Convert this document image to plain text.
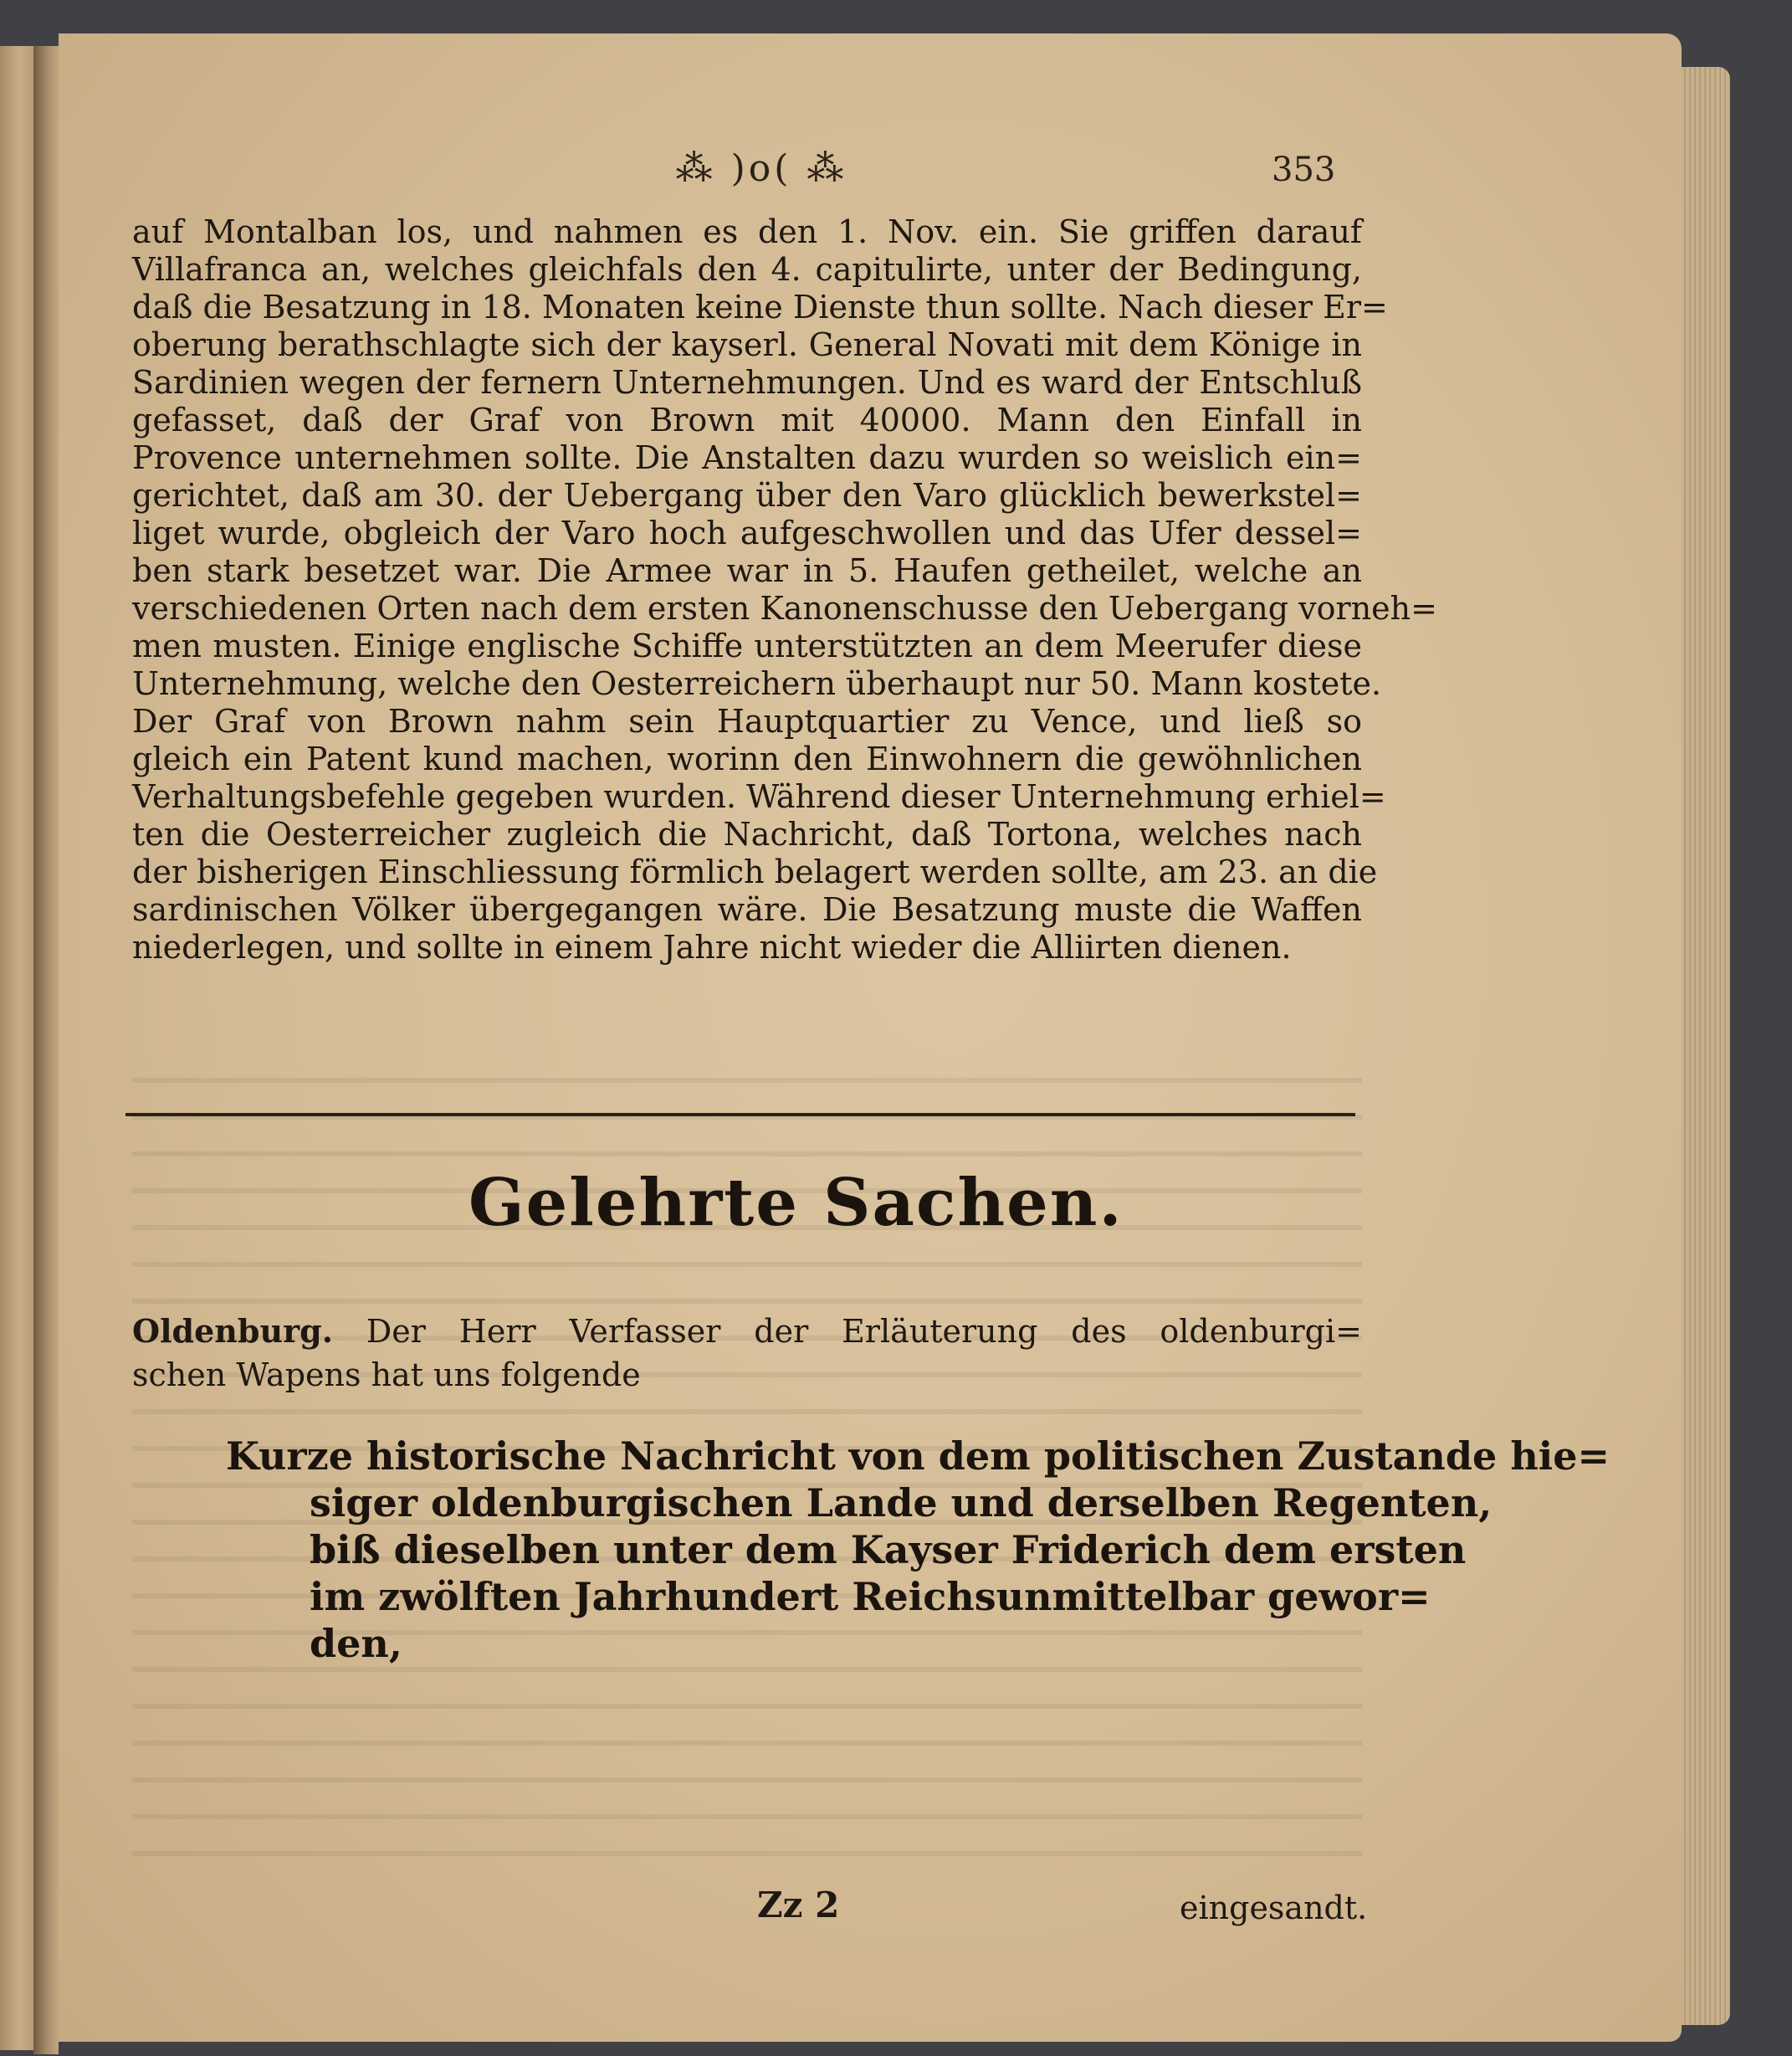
⁂ )o( ⁂	353
auf Montalban los, und nahmen es den 1. Nov. ein. Sie griffen darauf
Villafranca an, welches gleichfals den 4. capitulirte, unter der Bedingung,
daß die Besatzung in 18. Monaten keine Dienste thun sollte. Nach dieser Er=
oberung berathschlagte sich der kayserl. General Novati mit dem Könige in
Sardinien wegen der fernern Unternehmungen. Und es ward der Entschluß
gefasset, daß der Graf von Brown mit 40000. Mann den Einfall in
Provence unternehmen sollte. Die Anstalten dazu wurden so weislich ein=
gerichtet, daß am 30. der Uebergang über den Varo glücklich bewerkstel=
liget wurde, obgleich der Varo hoch aufgeschwollen und das Ufer dessel=
ben stark besetzet war. Die Armee war in 5. Haufen getheilet, welche an
verschiedenen Orten nach dem ersten Kanonenschusse den Uebergang vorneh=
men musten. Einige englische Schiffe unterstützten an dem Meerufer diese
Unternehmung, welche den Oesterreichern überhaupt nur 50. Mann kostete.
Der Graf von Brown nahm sein Hauptquartier zu Vence, und ließ so
gleich ein Patent kund machen, worinn den Einwohnern die gewöhnlichen
Verhaltungsbefehle gegeben wurden. Während dieser Unternehmung erhiel=
ten die Oesterreicher zugleich die Nachricht, daß Tortona, welches nach
der bisherigen Einschliessung förmlich belagert werden sollte, am 23. an die
sardinischen Völker übergegangen wäre. Die Besatzung muste die Waffen
niederlegen, und sollte in einem Jahre nicht wieder die Alliirten dienen.
Gelehrte Sachen.
Oldenburg. Der Herr Verfasser der Erläuterung des oldenburgi=
schen Wapens hat uns folgende
Kurze historische Nachricht von dem politischen Zustande hie=
siger oldenburgischen Lande und derselben Regenten,
biß dieselben unter dem Kayser Friderich dem ersten
im zwölften Jahrhundert Reichsunmittelbar gewor=
den,
Zz 2	eingesandt.
